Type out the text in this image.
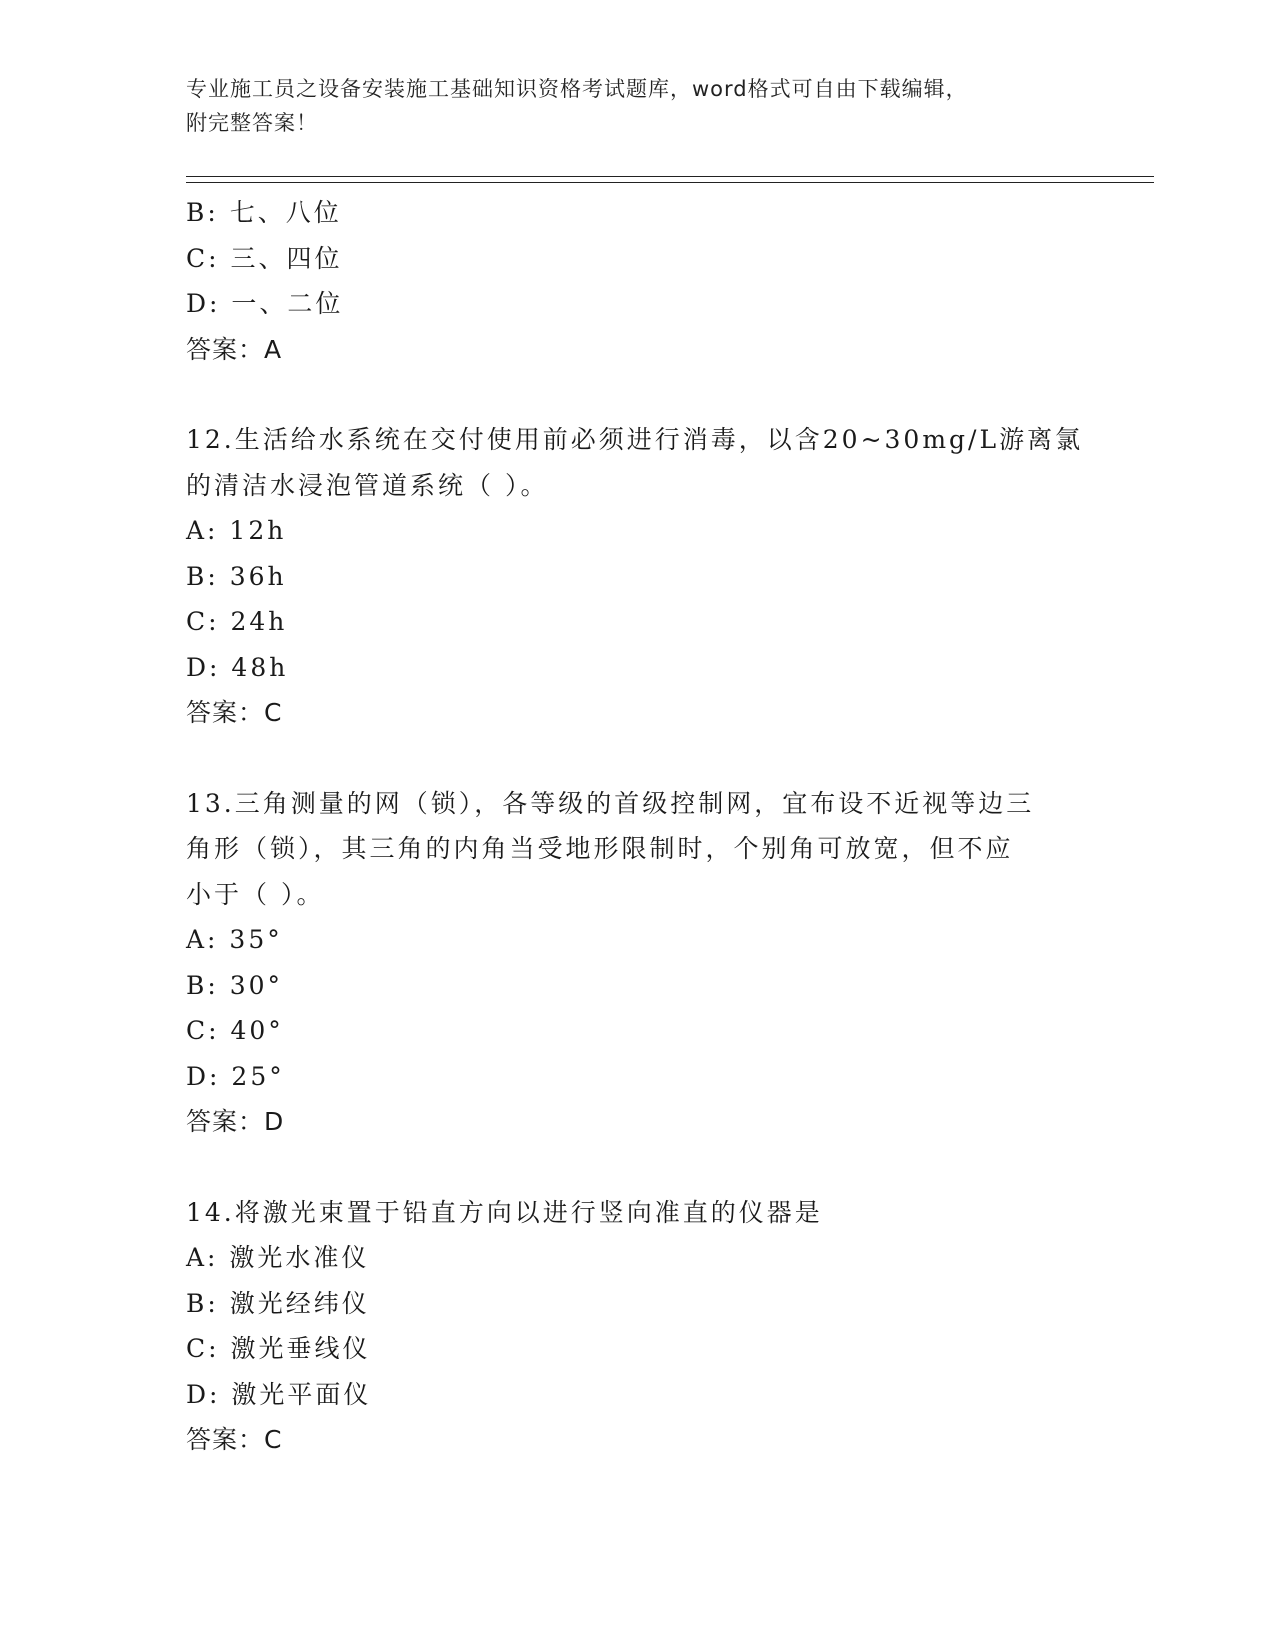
专业施工员之设备安装施工基础知识资格考试题库，word格式可自由下载编辑，
附完整答案！
B: 七、八位
C: 三、四位
D: 一、二位
答案：A
12.生活给水系统在交付使用前必须进行消毒，以含20~30mg/L游离氯
的清洁水浸泡管道系统（ ）。
A: 12h
B: 36h
C: 24h
D: 48h
答案：C
13.三角测量的网（锁），各等级的首级控制网，宜布设不近视等边三
角形（锁），其三角的内角当受地形限制时，个别角可放宽，但不应
小于（ ）。
A: 35°
B: 30°
C: 40°
D: 25°
答案：D
14.将激光束置于铅直方向以进行竖向准直的仪器是
A: 激光水准仪
B: 激光经纬仪
C: 激光垂线仪
D: 激光平面仪
答案：C
